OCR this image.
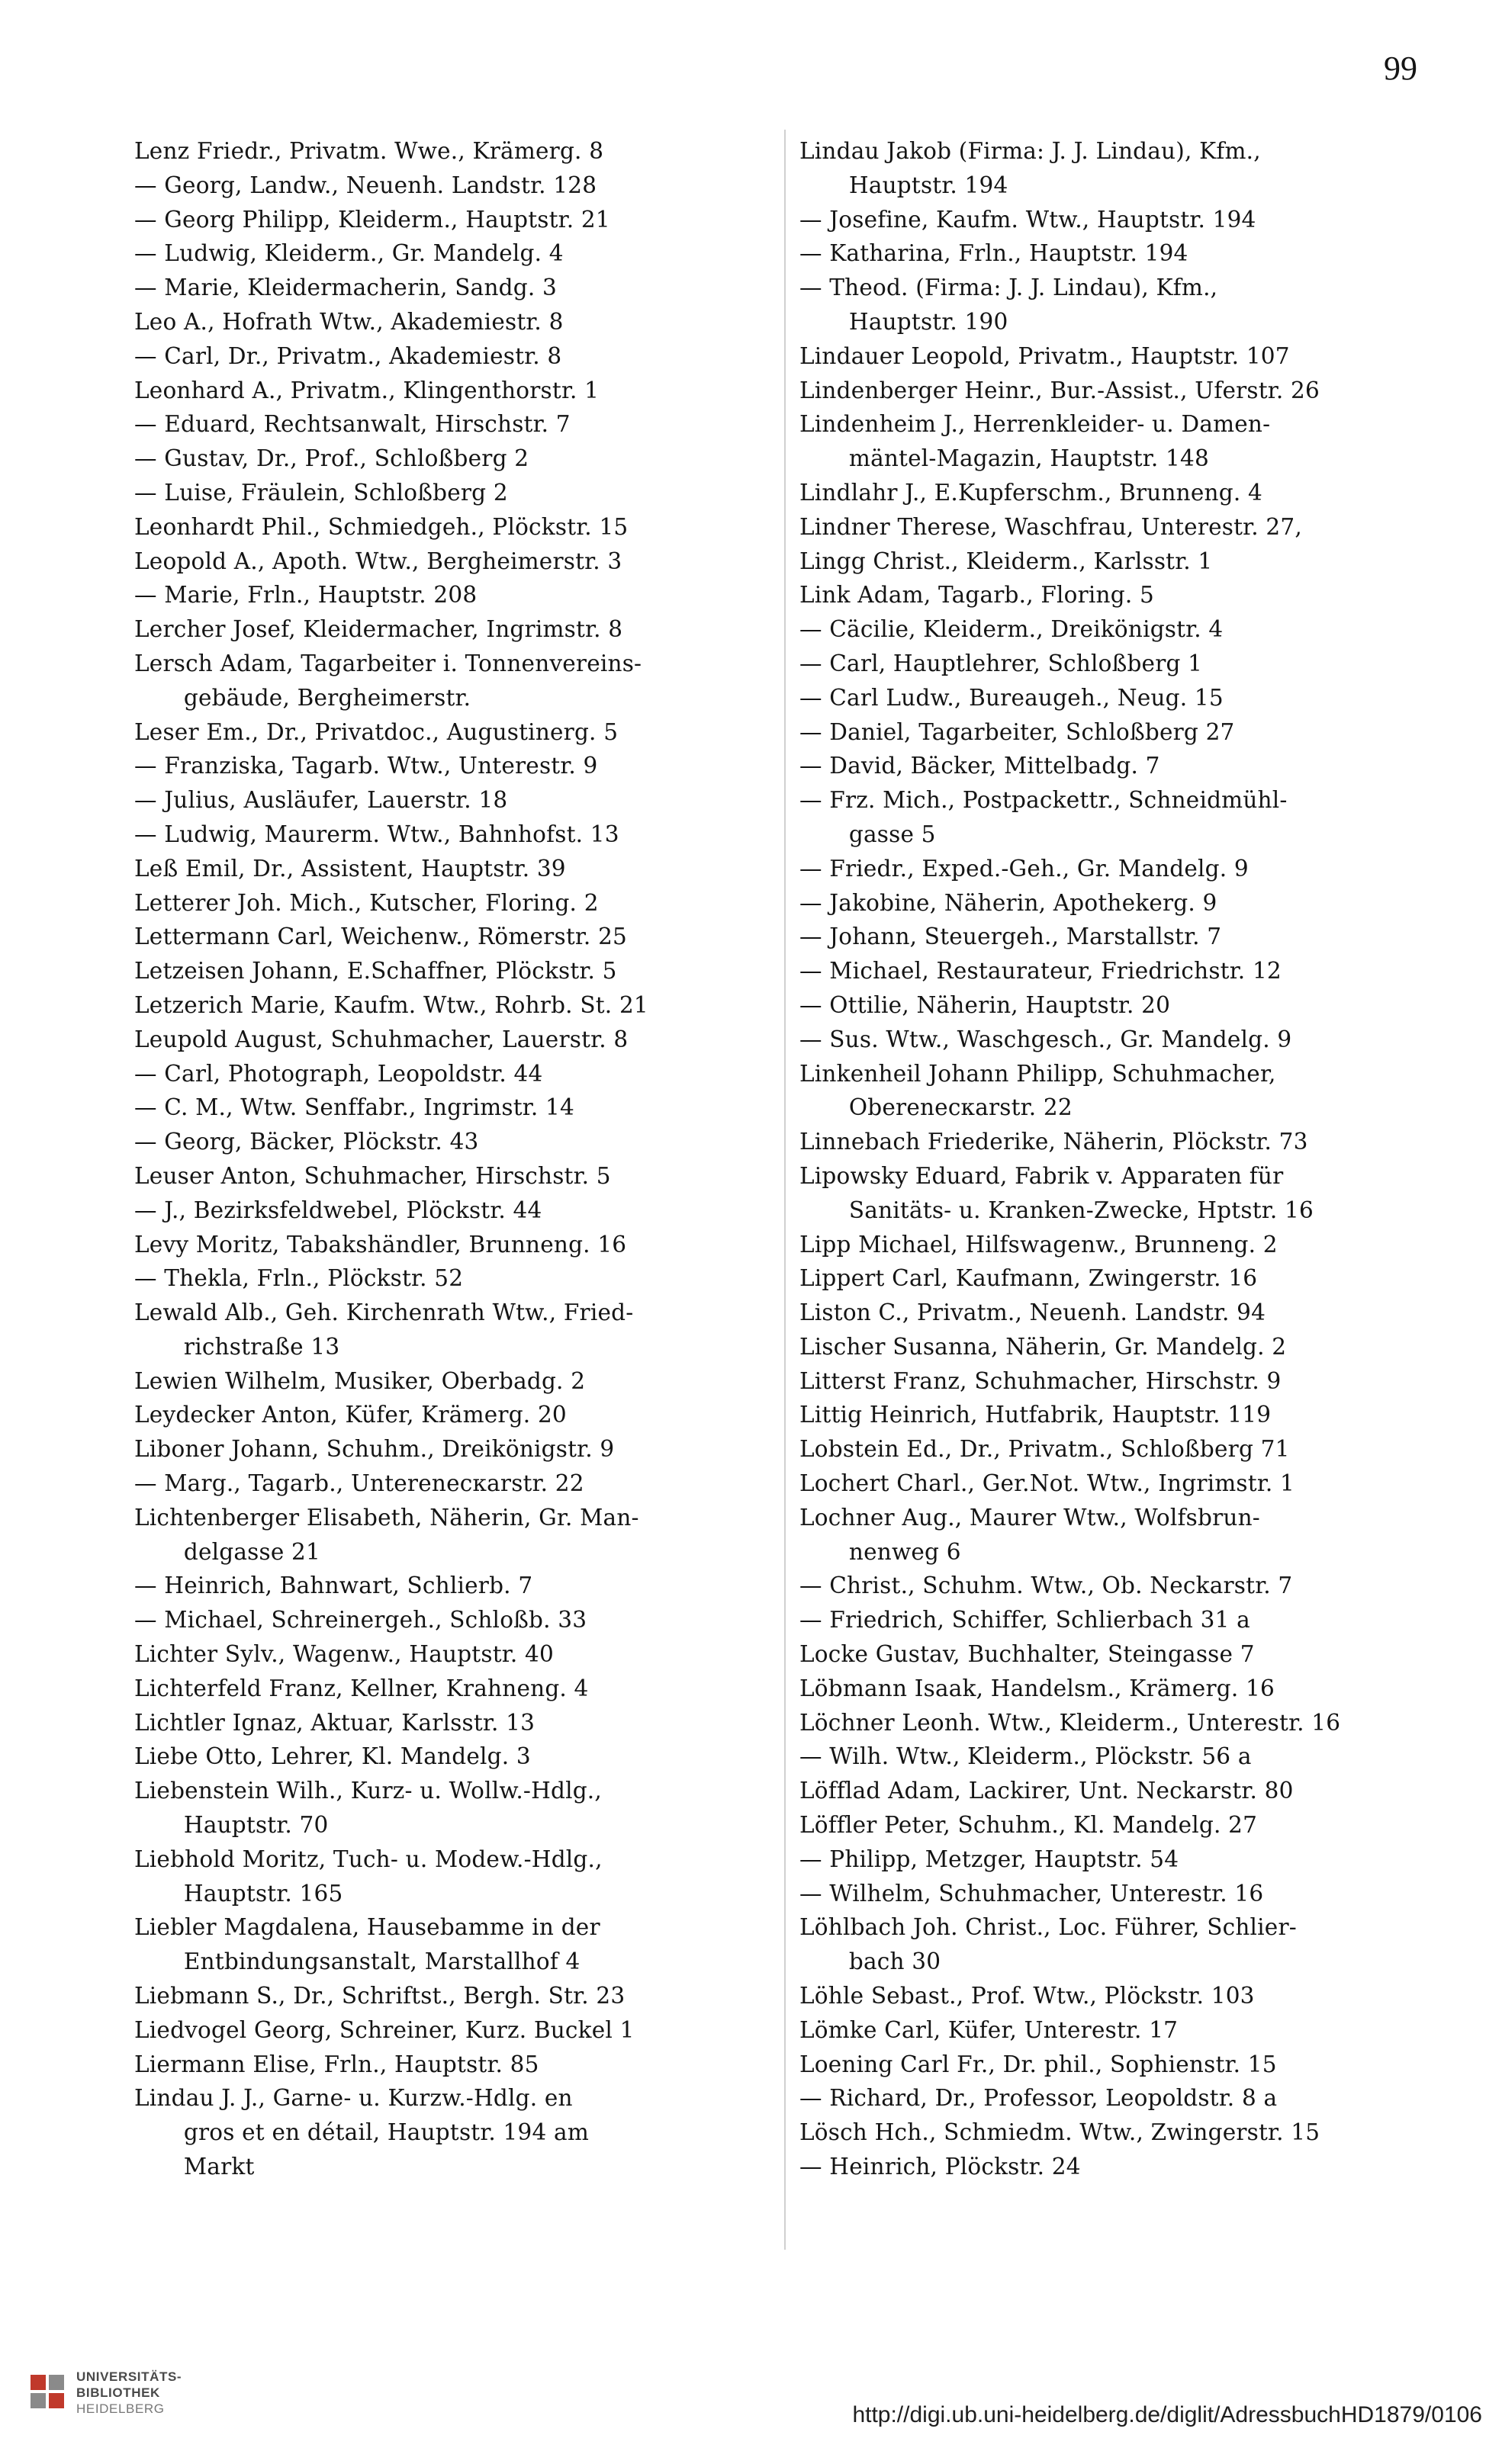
99
Lenz Friedr., Privatm. Wwe., Krämerg. 8
— Georg, Landw., Neuenh. Landstr. 128
— Georg Philipp, Kleiderm., Hauptstr. 21
— Ludwig, Kleiderm., Gr. Mandelg. 4
— Marie, Kleidermacherin, Sandg. 3
Leo A., Hofrath Wtw., Akademiestr. 8
— Carl, Dr., Privatm., Akademiestr. 8
Leonhard A., Privatm., Klingenthorstr. 1
— Eduard, Rechtsanwalt, Hirschstr. 7
— Gustav, Dr., Prof., Schloßberg 2
— Luise, Fräulein, Schloßberg 2
Leonhardt Phil., Schmiedgeh., Plöckstr. 15
Leopold A., Apoth. Wtw., Bergheimerstr. 3
— Marie, Frln., Hauptstr. 208
Lercher Josef, Kleidermacher, Ingrimstr. 8
Lersch Adam, Tagarbeiter i. Tonnenvereins-
gebäude, Bergheimerstr.
Leser Em., Dr., Privatdoc., Augustinerg. 5
— Franziska, Tagarb. Wtw., Unterestr. 9
— Julius, Ausläufer, Lauerstr. 18
— Ludwig, Maurerm. Wtw., Bahnhofst. 13
Leß Emil, Dr., Assistent, Hauptstr. 39
Letterer Joh. Mich., Kutscher, Floring. 2
Lettermann Carl, Weichenw., Römerstr. 25
Letzeisen Johann, E.Schaffner, Plöckstr. 5
Letzerich Marie, Kaufm. Wtw., Rohrb. St. 21
Leupold August, Schuhmacher, Lauerstr. 8
— Carl, Photograph, Leopoldstr. 44
— C. M., Wtw. Senffabr., Ingrimstr. 14
— Georg, Bäcker, Plöckstr. 43
Leuser Anton, Schuhmacher, Hirschstr. 5
— J., Bezirksfeldwebel, Plöckstr. 44
Levy Moritz, Tabakshändler, Brunneng. 16
— Thekla, Frln., Plöckstr. 52
Lewald Alb., Geh. Kirchenrath Wtw., Fried-
richstraße 13
Lewien Wilhelm, Musiker, Oberbadg. 2
Leydecker Anton, Küfer, Krämerg. 20
Liboner Johann, Schuhm., Dreikönigstr. 9
— Marg., Tagarb., Unterenecкarstr. 22
Lichtenberger Elisabeth, Näherin, Gr. Man-
delgasse 21
— Heinrich, Bahnwart, Schlierb. 7
— Michael, Schreinergeh., Schloßb. 33
Lichter Sylv., Wagenw., Hauptstr. 40
Lichterfeld Franz, Kellner, Krahneng. 4
Lichtler Ignaz, Aktuar, Karlsstr. 13
Liebe Otto, Lehrer, Kl. Mandelg. 3
Liebenstein Wilh., Kurz- u. Wollw.-Hdlg.,
Hauptstr. 70
Liebhold Moritz, Tuch- u. Modew.-Hdlg.,
Hauptstr. 165
Liebler Magdalena, Hausebamme in der
Entbindungsanstalt, Marstallhof 4
Liebmann S., Dr., Schriftst., Bergh. Str. 23
Liedvogel Georg, Schreiner, Kurz. Buckel 1
Liermann Elise, Frln., Hauptstr. 85
Lindau J. J., Garne- u. Kurzw.-Hdlg. en
gros et en détail, Hauptstr. 194 am
Markt
Lindau Jakob (Firma: J. J. Lindau), Kfm.,
Hauptstr. 194
— Josefine, Kaufm. Wtw., Hauptstr. 194
— Katharina, Frln., Hauptstr. 194
— Theod. (Firma: J. J. Lindau), Kfm.,
Hauptstr. 190
Lindauer Leopold, Privatm., Hauptstr. 107
Lindenberger Heinr., Bur.-Assist., Uferstr. 26
Lindenheim J., Herrenkleider- u. Damen-
mäntel-Magazin, Hauptstr. 148
Lindlahr J., E.Kupferschm., Brunneng. 4
Lindner Therese, Waschfrau, Unterestr. 27,
Lingg Christ., Kleiderm., Karlsstr. 1
Link Adam, Tagarb., Floring. 5
— Cäcilie, Kleiderm., Dreikönigstr. 4
— Carl, Hauptlehrer, Schloßberg 1
— Carl Ludw., Bureaugeh., Neug. 15
— Daniel, Tagarbeiter, Schloßberg 27
— David, Bäcker, Mittelbadg. 7
— Frz. Mich., Postpackettr., Schneidmühl-
gasse 5
— Friedr., Exped.-Geh., Gr. Mandelg. 9
— Jakobine, Näherin, Apothekerg. 9
— Johann, Steuergeh., Marstallstr. 7
— Michael, Restaurateur, Friedrichstr. 12
— Ottilie, Näherin, Hauptstr. 20
— Sus. Wtw., Waschgesch., Gr. Mandelg. 9
Linkenheil Johann Philipp, Schuhmacher,
Oberenecкarstr. 22
Linnebach Friederike, Näherin, Plöckstr. 73
Lipowsky Eduard, Fabrik v. Apparaten für
Sanitäts- u. Kranken-Zwecke, Hptstr. 16
Lipp Michael, Hilfswagenw., Brunneng. 2
Lippert Carl, Kaufmann, Zwingerstr. 16
Liston C., Privatm., Neuenh. Landstr. 94
Lischer Susanna, Näherin, Gr. Mandelg. 2
Litterst Franz, Schuhmacher, Hirschstr. 9
Littig Heinrich, Hutfabrik, Hauptstr. 119
Lobstein Ed., Dr., Privatm., Schloßberg 71
Lochert Charl., Ger.Not. Wtw., Ingrimstr. 1
Lochner Aug., Maurer Wtw., Wolfsbrun-
nenweg 6
— Christ., Schuhm. Wtw., Ob. Neckarstr. 7
— Friedrich, Schiffer, Schlierbach 31 a
Locke Gustav, Buchhalter, Steingasse 7
Löbmann Isaak, Handelsm., Krämerg. 16
Löchner Leonh. Wtw., Kleiderm., Unterestr. 16
— Wilh. Wtw., Kleiderm., Plöckstr. 56 a
Löfflad Adam, Lackirer, Unt. Neckarstr. 80
Löffler Peter, Schuhm., Kl. Mandelg. 27
— Philipp, Metzger, Hauptstr. 54
— Wilhelm, Schuhmacher, Unterestr. 16
Löhlbach Joh. Christ., Loc. Führer, Schlier-
bach 30
Löhle Sebast., Prof. Wtw., Plöckstr. 103
Lömke Carl, Küfer, Unterestr. 17
Loening Carl Fr., Dr. phil., Sophienstr. 15
— Richard, Dr., Professor, Leopoldstr. 8 a
Lösch Hch., Schmiedm. Wtw., Zwingerstr. 15
— Heinrich, Plöckstr. 24
UNIVERSITÄTS-
BIBLIOTHEK
HEIDELBERG	http://digi.ub.uni-heidelberg.de/diglit/AdressbuchHD1879/0106
